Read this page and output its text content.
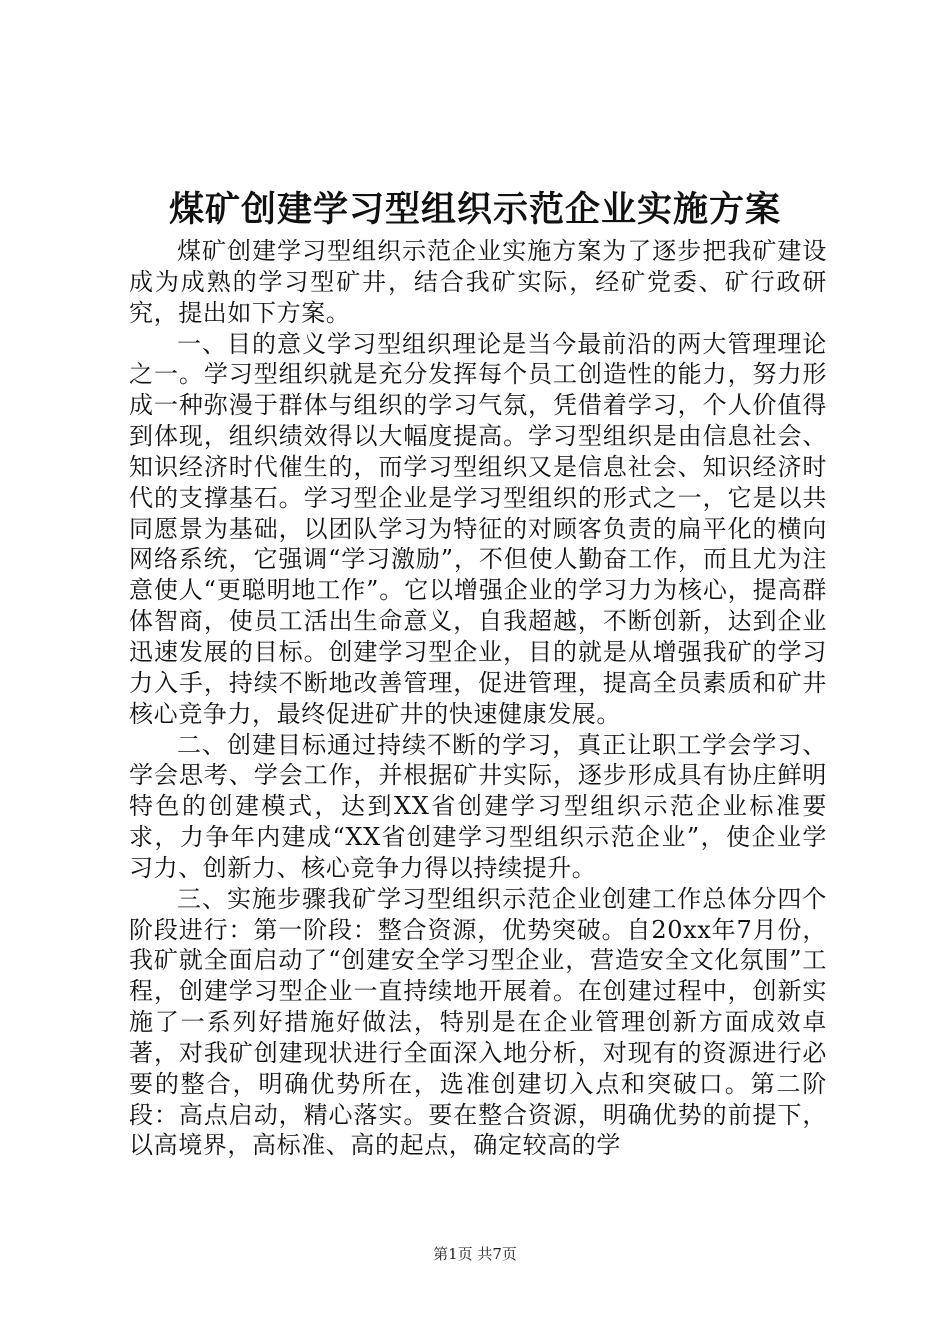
煤矿创建学习型组织示范企业实施方案

煤矿创建学习型组织示范企业实施方案为了逐步把我矿建设成为成熟的学习型矿井，结合我矿实际，经矿党委、矿行政研究，提出如下方案。

一、目的意义学习型组织理论是当今最前沿的两大管理理论之一。学习型组织就是充分发挥每个员工创造性的能力，努力形成一种弥漫于群体与组织的学习气氛，凭借着学习，个人价值得到体现，组织绩效得以大幅度提高。学习型组织是由信息社会、知识经济时代催生的，而学习型组织又是信息社会、知识经济时代的支撑基石。学习型企业是学习型组织的形式之一，它是以共同愿景为基础，以团队学习为特征的对顾客负责的扁平化的横向网络系统，它强调“学习激励”，不但使人勤奋工作，而且尤为注意使人“更聪明地工作”。它以增强企业的学习力为核心，提高群体智商，使员工活出生命意义，自我超越，不断创新，达到企业迅速发展的目标。创建学习型企业，目的就是从增强我矿的学习力入手，持续不断地改善管理，促进管理，提高全员素质和矿井核心竞争力，最终促进矿井的快速健康发展。

二、创建目标通过持续不断的学习，真正让职工学会学习、学会思考、学会工作，并根据矿井实际，逐步形成具有协庄鲜明特色的创建模式，达到XX省创建学习型组织示范企业标准要求，力争年内建成“XX省创建学习型组织示范企业”，使企业学习力、创新力、核心竞争力得以持续提升。

三、实施步骤我矿学习型组织示范企业创建工作总体分四个阶段进行：第一阶段：整合资源，优势突破。自20xx年7月份，我矿就全面启动了“创建安全学习型企业，营造安全文化氛围”工程，创建学习型企业一直持续地开展着。在创建过程中，创新实施了一系列好措施好做法，特别是在企业管理创新方面成效卓著，对我矿创建现状进行全面深入地分析，对现有的资源进行必要的整合，明确优势所在，选准创建切入点和突破口。第二阶段：高点启动，精心落实。要在整合资源，明确优势的前提下，以高境界，高标准、高的起点，确定较高的学

第1页 共7页
